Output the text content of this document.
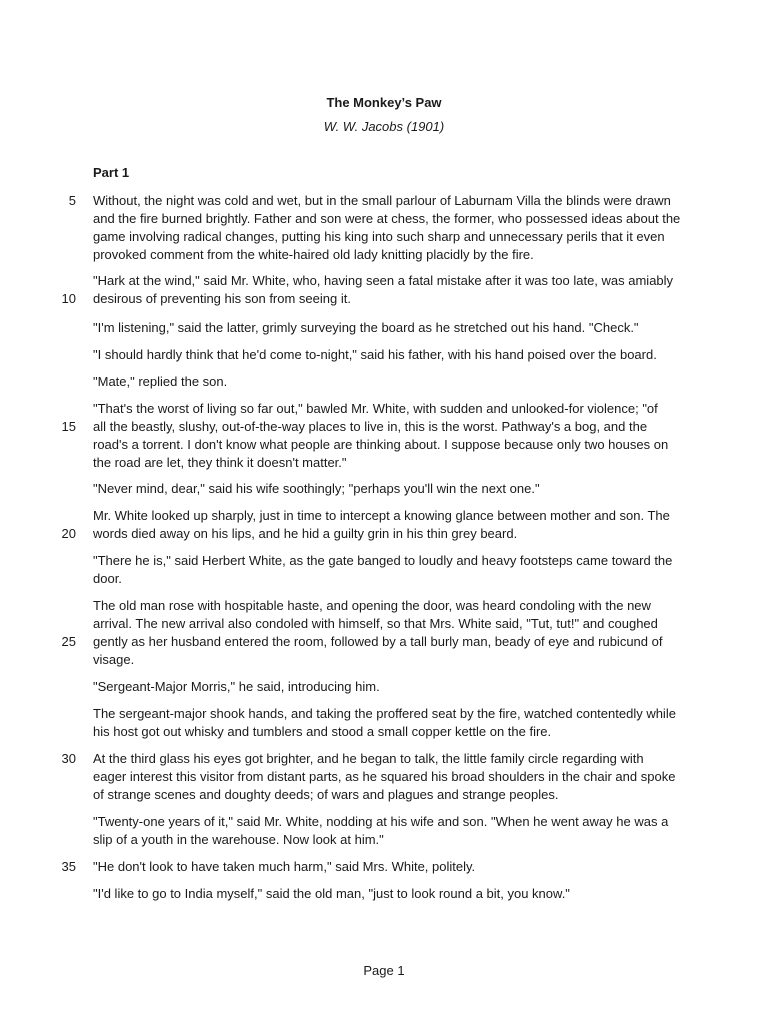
The Monkey’s Paw
W. W. Jacobs (1901)
Part 1
Without, the night was cold and wet, but in the small parlour of Laburnam Villa the blinds were drawn
and the fire burned brightly. Father and son were at chess, the former, who possessed ideas about the
game involving radical changes, putting his king into such sharp and unnecessary perils that it even
provoked comment from the white-haired old lady knitting placidly by the fire.
"Hark at the wind," said Mr. White, who, having seen a fatal mistake after it was too late, was amiably
desirous of preventing his son from seeing it.
"I'm listening," said the latter, grimly surveying the board as he stretched out his hand. "Check."
"I should hardly think that he'd come to-night," said his father, with his hand poised over the board.
"Mate," replied the son.
"That's the worst of living so far out," bawled Mr. White, with sudden and unlooked-for violence; "of
all the beastly, slushy, out-of-the-way places to live in, this is the worst. Pathway's a bog, and the
road's a torrent. I don't know what people are thinking about. I suppose because only two houses on
the road are let, they think it doesn't matter."
"Never mind, dear," said his wife soothingly; "perhaps you'll win the next one."
Mr. White looked up sharply, just in time to intercept a knowing glance between mother and son. The
words died away on his lips, and he hid a guilty grin in his thin grey beard.
"There he is," said Herbert White, as the gate banged to loudly and heavy footsteps came toward the
door.
The old man rose with hospitable haste, and opening the door, was heard condoling with the new
arrival. The new arrival also condoled with himself, so that Mrs. White said, "Tut, tut!" and coughed
gently as her husband entered the room, followed by a tall burly man, beady of eye and rubicund of
visage.
"Sergeant-Major Morris," he said, introducing him.
The sergeant-major shook hands, and taking the proffered seat by the fire, watched contentedly while
his host got out whisky and tumblers and stood a small copper kettle on the fire.
At the third glass his eyes got brighter, and he began to talk, the little family circle regarding with
eager interest this visitor from distant parts, as he squared his broad shoulders in the chair and spoke
of strange scenes and doughty deeds; of wars and plagues and strange peoples.
"Twenty-one years of it," said Mr. White, nodding at his wife and son. "When he went away he was a
slip of a youth in the warehouse. Now look at him."
"He don't look to have taken much harm," said Mrs. White, politely.
"I'd like to go to India myself," said the old man, "just to look round a bit, you know."
5
10
15
20
25
30
35
Page 1
